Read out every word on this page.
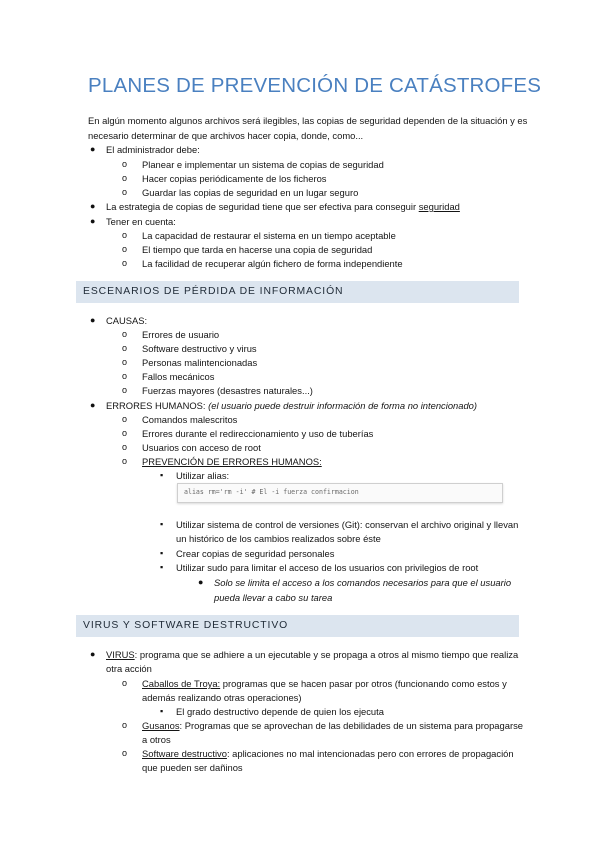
PLANES DE PREVENCIÓN DE CATÁSTROFES
En algún momento algunos archivos será ilegibles, las copias de seguridad dependen de la situación y es
necesario determinar de que archivos hacer copia, donde, como...
● El administrador debe:
o Planear e implementar un sistema de copias de seguridad
o Hacer copias periódicamente de los ficheros
o Guardar las copias de seguridad en un lugar seguro
● La estrategia de copias de seguridad tiene que ser efectiva para conseguir seguridad
● Tener en cuenta:
o La capacidad de restaurar el sistema en un tiempo aceptable
o El tiempo que tarda en hacerse una copia de seguridad
o La facilidad de recuperar algún fichero de forma independiente
ESCENARIOS DE PÉRDIDA DE INFORMACIÓN
● CAUSAS:
o Errores de usuario
o Software destructivo y virus
o Personas malintencionadas
o Fallos mecánicos
o Fuerzas mayores (desastres naturales...)
● ERRORES HUMANOS: (el usuario puede destruir información de forma no intencionado)
o Comandos malescritos
o Errores durante el redireccionamiento y uso de tuberías
o Usuarios con acceso de root
o PREVENCIÓN DE ERRORES HUMANOS:
▪ Utilizar alias:
alias rm='rm -i' # El -i fuerza confirmacion
▪ Utilizar sistema de control de versiones (Git): conservan el archivo original y llevan
un histórico de los cambios realizados sobre éste
▪ Crear copias de seguridad personales
▪ Utilizar sudo para limitar el acceso de los usuarios con privilegios de root
● Solo se limita el acceso a los comandos necesarios para que el usuario
pueda llevar a cabo su tarea
VIRUS Y SOFTWARE DESTRUCTIVO
● VIRUS: programa que se adhiere a un ejecutable y se propaga a otros al mismo tiempo que realiza
otra acción
o Caballos de Troya: programas que se hacen pasar por otros (funcionando como estos y
además realizando otras operaciones)
▪ El grado destructivo depende de quien los ejecuta
o Gusanos: Programas que se aprovechan de las debilidades de un sistema para propagarse
a otros
o Software destructivo: aplicaciones no mal intencionadas pero con errores de propagación
que pueden ser dañinos
